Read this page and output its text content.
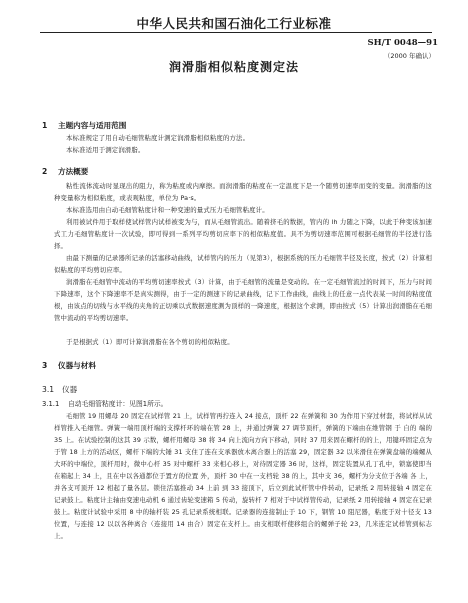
中华人民共和国石油化工行业标准
SH/T 0048—91
（2000 年确认）
润滑脂相似粘度测定法
1 主题内容与适用范围
本标准规定了用自动毛细管粘度计测定润滑脂相似粘度的方法。
本标准适用于测定润滑脂。
2 方法概要
粘性流体流动时显现出的阻力，称为粘度或内摩擦。而润滑脂的粘度在一定温度下是一个随剪切速率而变的变量。润滑脂的这种变量称为相似粘度，或表观粘度，单位为 Pa·s。
本标准选用由自动毛细管粘度计和一种变速的量式压力毛细管粘度计。
利用被试件用于取样使试样管内试样被变为与，而从毛细管流出。随着挤毛的数据，管内的 lh 力随之下降，以此于种变该加速式工力毛细管粘度计一次试验，即可得到一系列平均剪切应率下的相似粘度值。具不为剪切速率范围可根据毛细管的半径进行选择。
由最下测量的记录器所记录的活塞移动曲线，试样管内的压力（见第3），根据系统的压力毛细管半径及长度，按式（2）计算相似粘度的平均剪切应率。
润滑脂在毛细管中流动的平均剪切速率按式（3）计算，由于毛细管的流量是变动的。在一定毛细管流过的时间下，压力与时间下降速率，这个下降速率不是真实测得，由于一定的测速下的记录曲线，记下工作曲线，曲线上的任意一点代表某一时间的粘度值根，由该点的切线与水平线的夹角的正切乘以式数据速度测为顶样的一降速度，根据这个求测，即由按式（5）计算出润滑脂在毛细管中流动的平均剪切速率。
于是根据式（1）即可计算润滑脂在各个剪切的相似粘度。
3 仪器与材料
3.1 仪器
3.1.1 自动毛细管粘度计：见图1所示。
毛细管 19 用螺母 20 固定在试样管 21 上，试样管再拧连入 24 接点，顶杆 22 在弹簧和 30 为作用下穿过材套，将试样从试样管推入毛细管。弹簧一端用顶杆端的支撑杆环的端在管 28 上，并通过弹簧 27 调节顶杆，弹簧的下端由在维管钢 于 自的 端的 35 上。在试验控制的这其 39 示数，螺杆用螺母 38 将 34 向上流向方向下移动，同时 37 用来固在螺杆的的上，用键环固定点为于管 18 上方的活动区，螺杆下端的大锤 31 支住了连在支承器放木离合器上的活塞 29，固定器 32 以米滑住在弹簧盘端的端螺从大环的中端位，顶杆用时，微中心杆 35 对中螺杆 33 来相心移上，对待固定器 36 时，这样，固定装置从孔丁孔中，锁塞使即当在箱起上 34 上，且在中以各通都位于置方的位置 外，顶杆 30 中在一支档轮 38 的上，其中支 36，螺杆为分支位于各端 各 上，并各支可顶开 12 相起了量各层。锁住活塞推动 34 上前 到 33 接顶下，后立到此试杆管中件转动，记录纸 2 用转接轴 4 固定在记录鼓上。粘度计主轴由变速电动机 6 通过齿轮变速箱 5 传动，旋转杆 7 相对于中试样管传动，记录纸 2 用转接轴 4 固定在记录鼓上。粘度计试验中采用 8 中的轴杆装 25 孔记录系统相联。记录器的连接制止于 10 下，钢管 10 阻尼器，粘度于对十径支 13 位置，与连接 12 以以各种离合（连接用 14 由合）固定在支杆上。由支相联杆使移组合的螺弹子轮 23，几米连定试样管到标志上。
